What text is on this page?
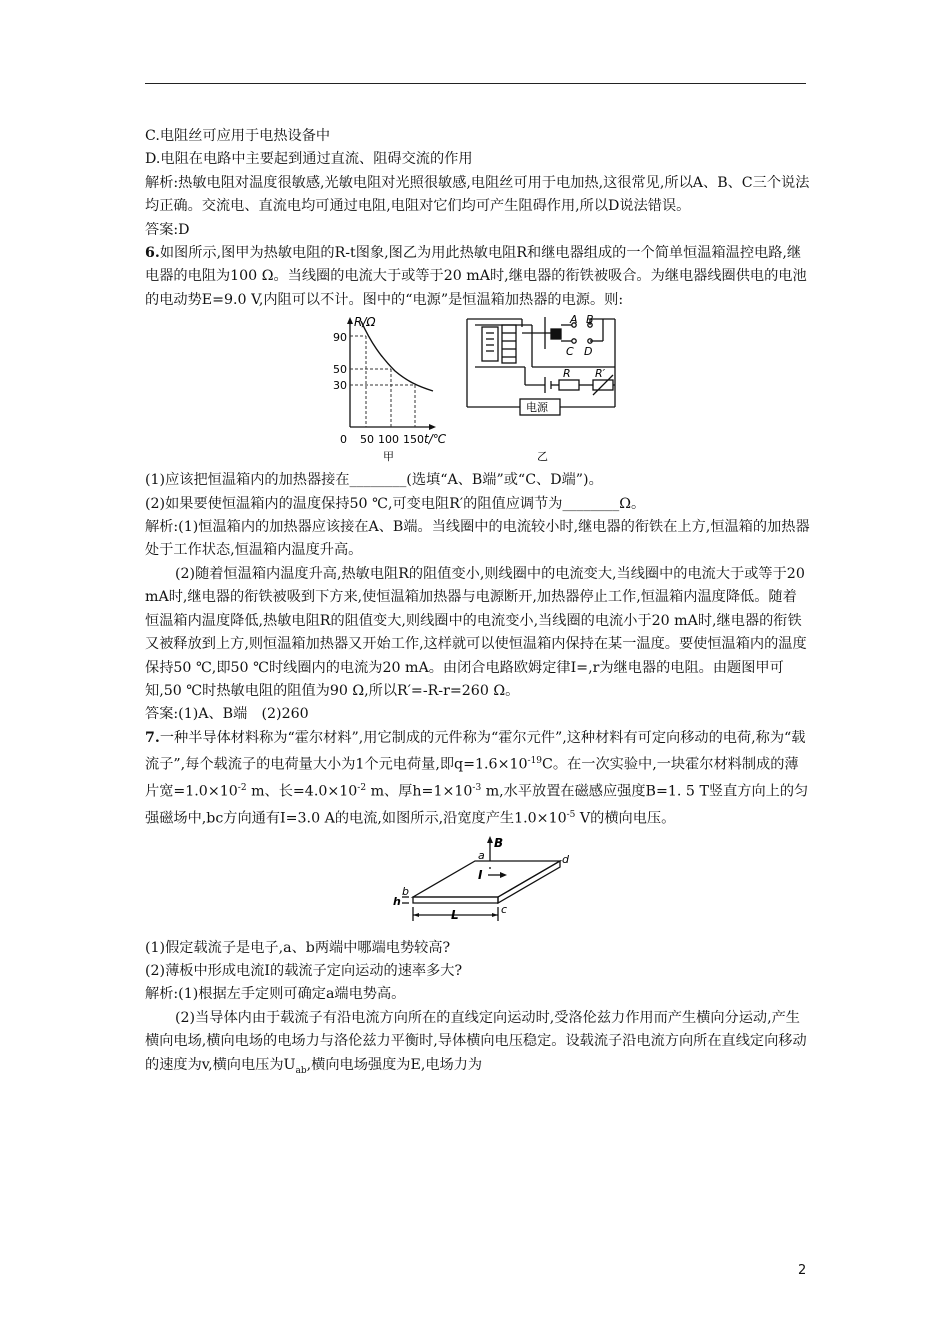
C.电阻丝可应用于电热设备中

D.电阻在电路中主要起到通过直流、阻碍交流的作用

解析:热敏电阻对温度很敏感,光敏电阻对光照很敏感,电阻丝可用于电加热,这很常见,所以A、B、C三个说法均正确。交流电、直流电均可通过电阻,电阻对它们均可产生阻碍作用,所以D说法错误。

答案:D

6.如图所示,图甲为热敏电阻的R-t图象,图乙为用此热敏电阻R和继电器组成的一个简单恒温箱温控电路,继电器的电阻为100 Ω。当线圈的电流大于或等于20 mA时,继电器的衔铁被吸合。为继电器线圈供电的电池的电动势E=9.0 V,内阻可以不计。图中的“电源”是恒温箱加热器的电源。则:

R/Ω
90
50
30
0 50 100 150 t/℃
甲
A B
C D
R R′
电源
乙

(1)应该把恒温箱内的加热器接在________(选填“A、B端”或“C、D端”)。

(2)如果要使恒温箱内的温度保持50 ℃,可变电阻R′的阻值应调节为________Ω。

解析:(1)恒温箱内的加热器应该接在A、B端。当线圈中的电流较小时,继电器的衔铁在上方,恒温箱的加热器处于工作状态,恒温箱内温度升高。

(2)随着恒温箱内温度升高,热敏电阻R的阻值变小,则线圈中的电流变大,当线圈中的电流大于或等于20 mA时,继电器的衔铁被吸到下方来,使恒温箱加热器与电源断开,加热器停止工作,恒温箱内温度降低。随着恒温箱内温度降低,热敏电阻R的阻值变大,则线圈中的电流变小,当线圈的电流小于20 mA时,继电器的衔铁又被释放到上方,则恒温箱加热器又开始工作,这样就可以使恒温箱内保持在某一温度。要使恒温箱内的温度保持50 ℃,即50 ℃时线圈内的电流为20 mA。由闭合电路欧姆定律I=,r为继电器的电阻。由题图甲可知,50 ℃时热敏电阻的阻值为90 Ω,所以R′=-R-r=260 Ω。

答案:(1)A、B端　(2)260

7.一种半导体材料称为“霍尔材料”,用它制成的元件称为“霍尔元件”,这种材料有可定向移动的电荷,称为“载流子”,每个载流子的电荷量大小为1个元电荷量,即$q=1.6\times 10^{-19}C$。在一次实验中,一块霍尔材料制成的薄片宽$=1.0\times 10^{-2}$ m、长$=4.0\times 10^{-2}$ m、厚$h=1\times 10^{-3}$ m,水平放置在磁感应强度B=1. 5 T竖直方向上的匀强磁场中,bc方向通有I=3.0 A的电流,如图所示,沿宽度产生$1.0\times 10^{-5}$ V的横向电压。

B
a	d
I
b
c
h
L

(1)假定载流子是电子,a、b两端中哪端电势较高?

(2)薄板中形成电流I的载流子定向运动的速率多大?

解析:(1)根据左手定则可确定a端电势高。

(2)当导体内由于载流子有沿电流方向所在的直线定向运动时,受洛伦兹力作用而产生横向分运动,产生横向电场,横向电场的电场力与洛伦兹力平衡时,导体横向电压稳定。设载流子沿电流方向所在直线定向移动的速度为v,横向电压为$U_{ab}$,横向电场强度为E,电场力为

2
